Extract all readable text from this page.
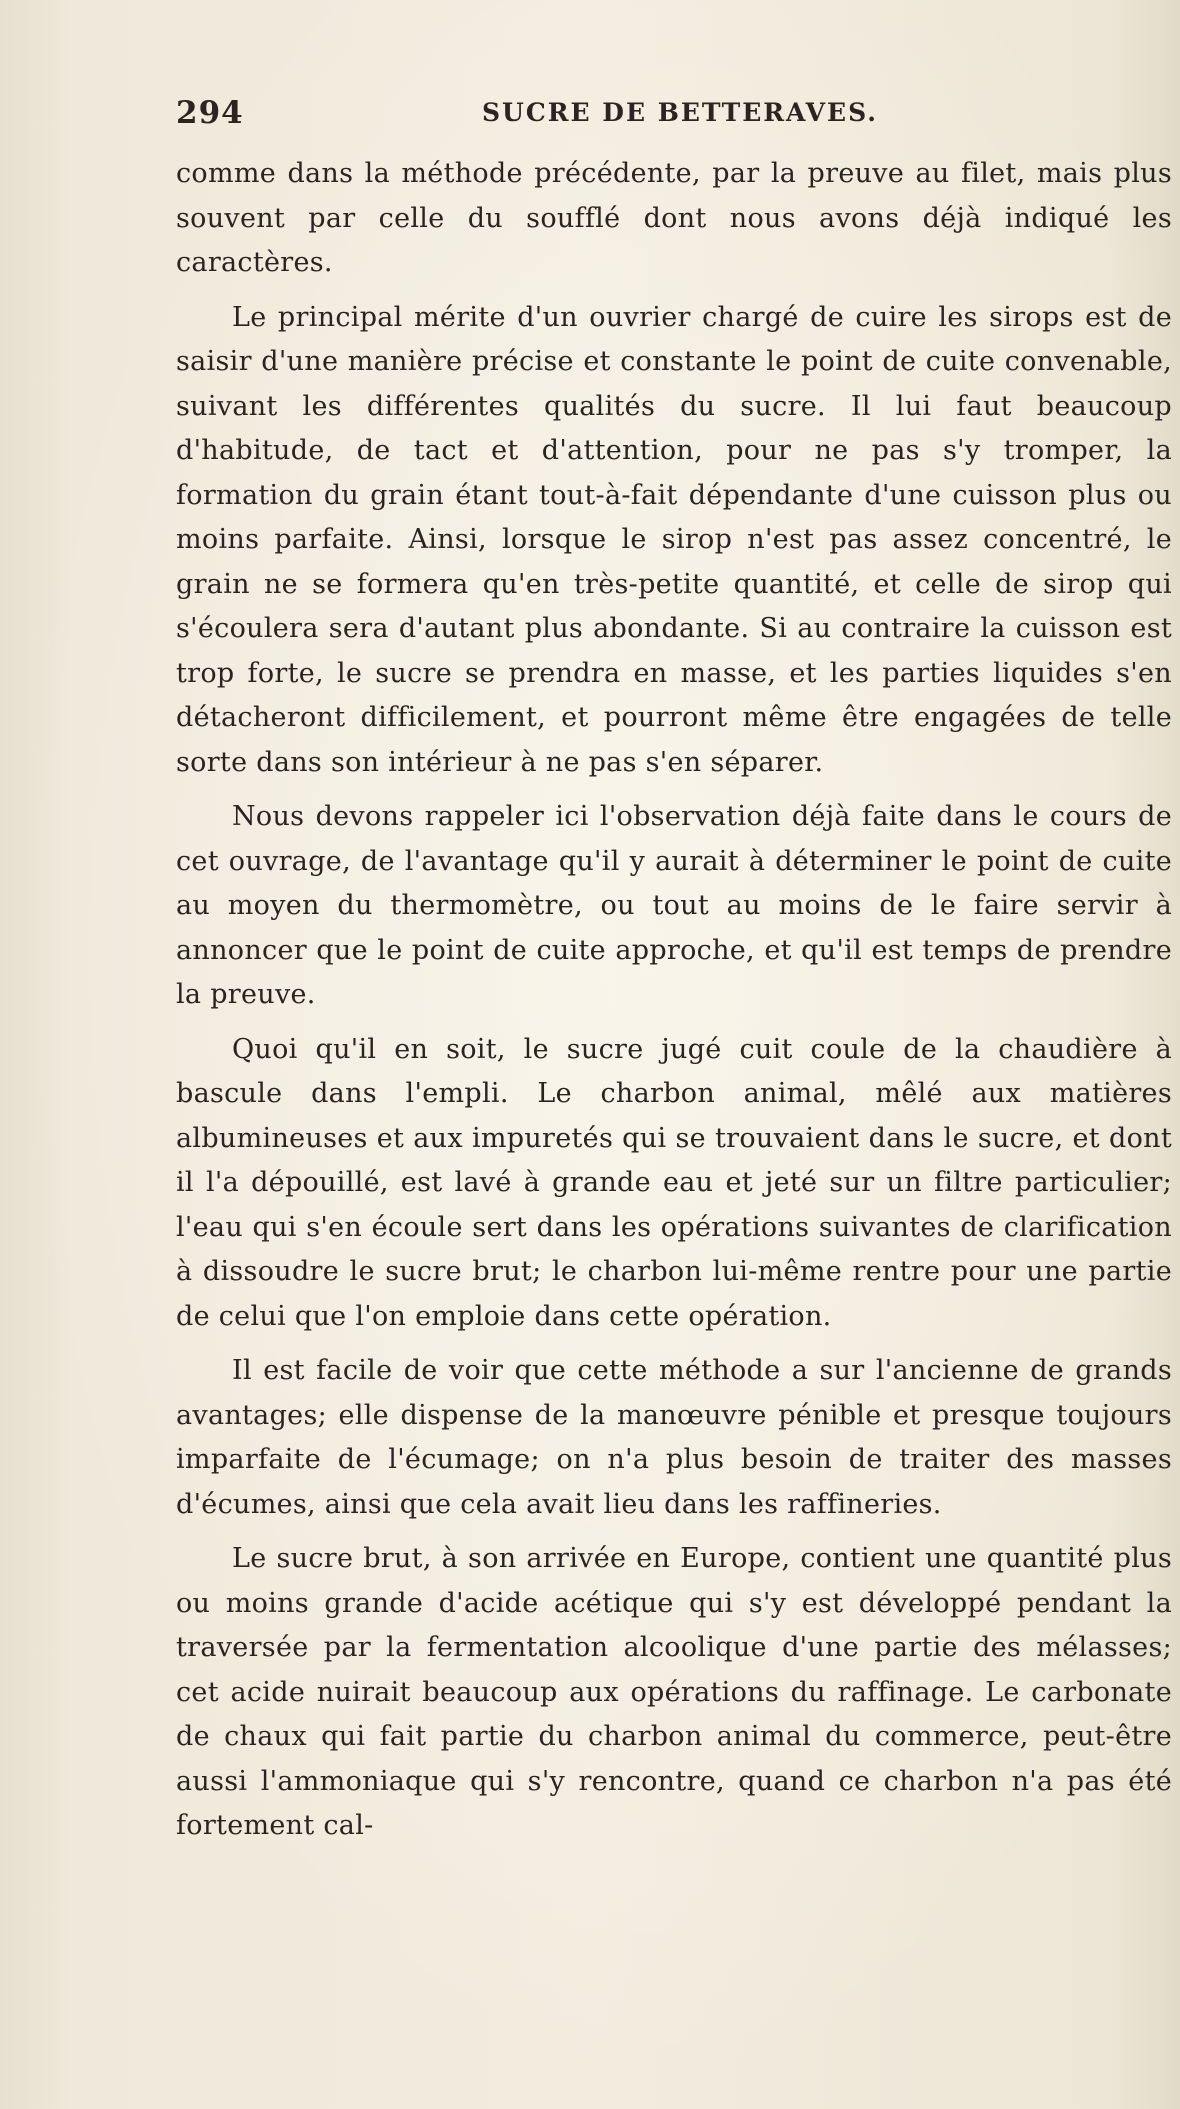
294	SUCRE DE BETTERAVES.

comme dans la méthode précédente, par la preuve au filet, mais plus souvent par celle du soufflé dont nous avons déjà indiqué les caractères.

Le principal mérite d'un ouvrier chargé de cuire les sirops est de saisir d'une manière précise et constante le point de cuite convenable, suivant les différentes qualités du sucre. Il lui faut beaucoup d'habitude, de tact et d'attention, pour ne pas s'y tromper, la formation du grain étant tout-à-fait dépendante d'une cuisson plus ou moins parfaite. Ainsi, lorsque le sirop n'est pas assez concentré, le grain ne se formera qu'en très-petite quantité, et celle de sirop qui s'écoulera sera d'autant plus abondante. Si au contraire la cuisson est trop forte, le sucre se prendra en masse, et les parties liquides s'en détacheront difficilement, et pourront même être engagées de telle sorte dans son intérieur à ne pas s'en séparer.

Nous devons rappeler ici l'observation déjà faite dans le cours de cet ouvrage, de l'avantage qu'il y aurait à déterminer le point de cuite au moyen du thermomètre, ou tout au moins de le faire servir à annoncer que le point de cuite approche, et qu'il est temps de prendre la preuve.

Quoi qu'il en soit, le sucre jugé cuit coule de la chaudière à bascule dans l'empli. Le charbon animal, mêlé aux matières albumineuses et aux impuretés qui se trouvaient dans le sucre, et dont il l'a dépouillé, est lavé à grande eau et jeté sur un filtre particulier; l'eau qui s'en écoule sert dans les opérations suivantes de clarification à dissoudre le sucre brut; le charbon lui-même rentre pour une partie de celui que l'on emploie dans cette opération.

Il est facile de voir que cette méthode a sur l'ancienne de grands avantages; elle dispense de la manœuvre pénible et presque toujours imparfaite de l'écumage; on n'a plus besoin de traiter des masses d'écumes, ainsi que cela avait lieu dans les raffineries.

Le sucre brut, à son arrivée en Europe, contient une quantité plus ou moins grande d'acide acétique qui s'y est développé pendant la traversée par la fermentation alcoolique d'une partie des mélasses; cet acide nuirait beaucoup aux opérations du raffinage. Le carbonate de chaux qui fait partie du charbon animal du commerce, peut-être aussi l'ammoniaque qui s'y rencontre, quand ce charbon n'a pas été fortement cal-
